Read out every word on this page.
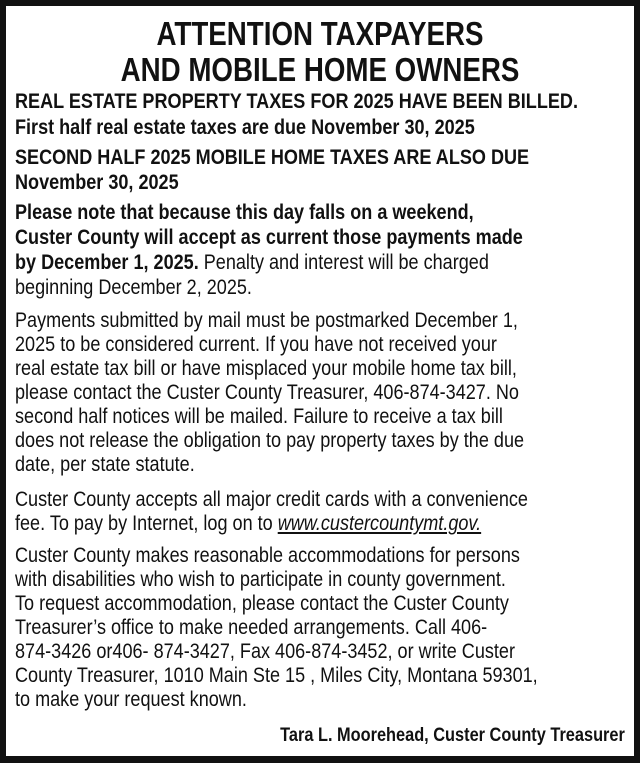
ATTENTION TAXPAYERS
AND MOBILE HOME OWNERS
REAL ESTATE PROPERTY TAXES FOR 2025 HAVE BEEN BILLED.
First half real estate taxes are due November 30, 2025
SECOND HALF 2025 MOBILE HOME TAXES ARE ALSO DUE
November 30, 2025
Please note that because this day falls on a weekend,
Custer County will accept as current those payments made
by December 1, 2025. Penalty and interest will be charged
beginning December 2, 2025.
Payments submitted by mail must be postmarked December 1,
2025 to be considered current. If you have not received your
real estate tax bill or have misplaced your mobile home tax bill,
please contact the Custer County Treasurer, 406-874-3427. No
second half notices will be mailed. Failure to receive a tax bill
does not release the obligation to pay property taxes by the due
date, per state statute.
Custer County accepts all major credit cards with a convenience
fee. To pay by Internet, log on to www.custercountymt.gov.
Custer County makes reasonable accommodations for persons
with disabilities who wish to participate in county government.
To request accommodation, please contact the Custer County
Treasurer’s office to make needed arrangements. Call 406-
874-3426 or406- 874-3427, Fax 406-874-3452, or write Custer
County Treasurer, 1010 Main Ste 15 , Miles City, Montana 59301,
to make your request known.
Tara L. Moorehead, Custer County Treasurer
